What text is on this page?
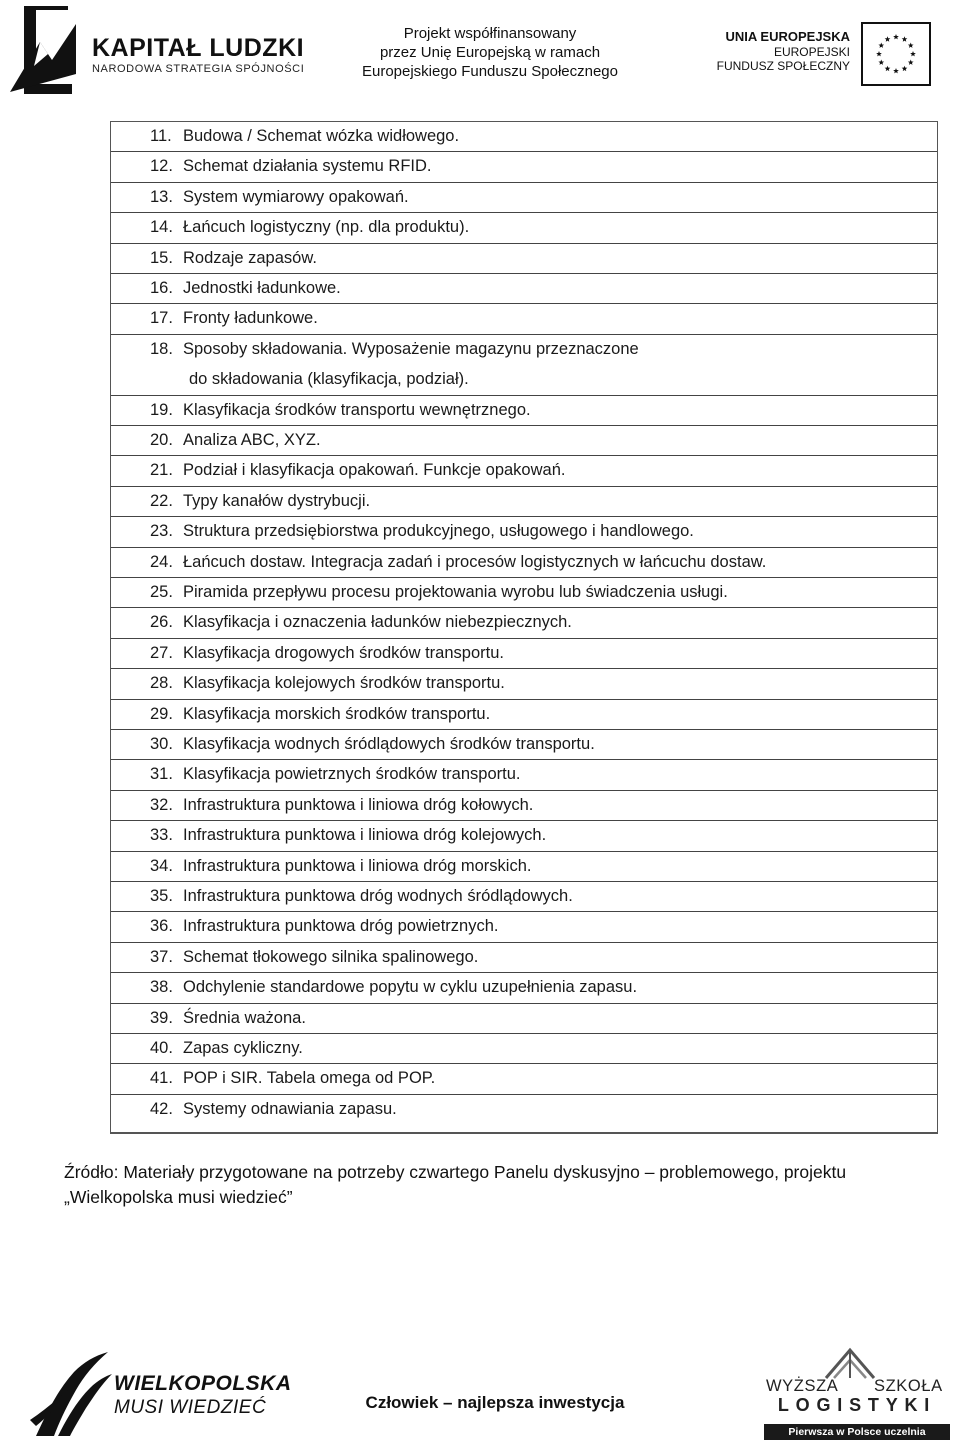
KAPITAŁ LUDZKI
NARODOWA STRATEGIA SPÓJNOŚCI
Projekt współfinansowany
przez Unię Europejską w ramach
Europejskiego Funduszu Społecznego
UNIA EUROPEJSKA
EUROPEJSKI
FUNDUSZ SPOŁECZNY
11. Budowa / Schemat wózka widłowego.
12. Schemat działania systemu RFID.
13. System wymiarowy opakowań.
14. Łańcuch logistyczny (np. dla produktu).
15. Rodzaje zapasów.
16. Jednostki ładunkowe.
17. Fronty ładunkowe.
18. Sposoby składowania. Wyposażenie magazynu przeznaczone
do składowania (klasyfikacja, podział).
19. Klasyfikacja środków transportu wewnętrznego.
20. Analiza ABC, XYZ.
21. Podział i klasyfikacja opakowań. Funkcje opakowań.
22. Typy kanałów dystrybucji.
23. Struktura przedsiębiorstwa produkcyjnego, usługowego i handlowego.
24. Łańcuch dostaw. Integracja zadań i procesów logistycznych w łańcuchu dostaw.
25. Piramida przepływu procesu projektowania wyrobu lub świadczenia usługi.
26. Klasyfikacja i oznaczenia ładunków niebezpiecznych.
27. Klasyfikacja drogowych środków transportu.
28. Klasyfikacja kolejowych środków transportu.
29. Klasyfikacja morskich środków transportu.
30. Klasyfikacja wodnych śródlądowych środków transportu.
31. Klasyfikacja powietrznych środków transportu.
32. Infrastruktura punktowa i liniowa dróg kołowych.
33. Infrastruktura punktowa i liniowa dróg kolejowych.
34. Infrastruktura punktowa i liniowa dróg morskich.
35. Infrastruktura punktowa dróg wodnych śródlądowych.
36. Infrastruktura punktowa dróg powietrznych.
37. Schemat tłokowego silnika spalinowego.
38. Odchylenie standardowe popytu w cyklu uzupełnienia zapasu.
39. Średnia ważona.
40. Zapas cykliczny.
41. POP i SIR. Tabela omega od POP.
42. Systemy odnawiania zapasu.
Źródło: Materiały przygotowane na potrzeby czwartego Panelu dyskusyjno – problemowego, projektu
„Wielkopolska musi wiedzieć”
WIELKOPOLSKA
MUSI WIEDZIEĆ	Człowiek – najlepsza inwestycja
WYŻSZA SZKOŁA
LOGISTYKI
Pierwsza w Polsce uczelnia logistyczna
